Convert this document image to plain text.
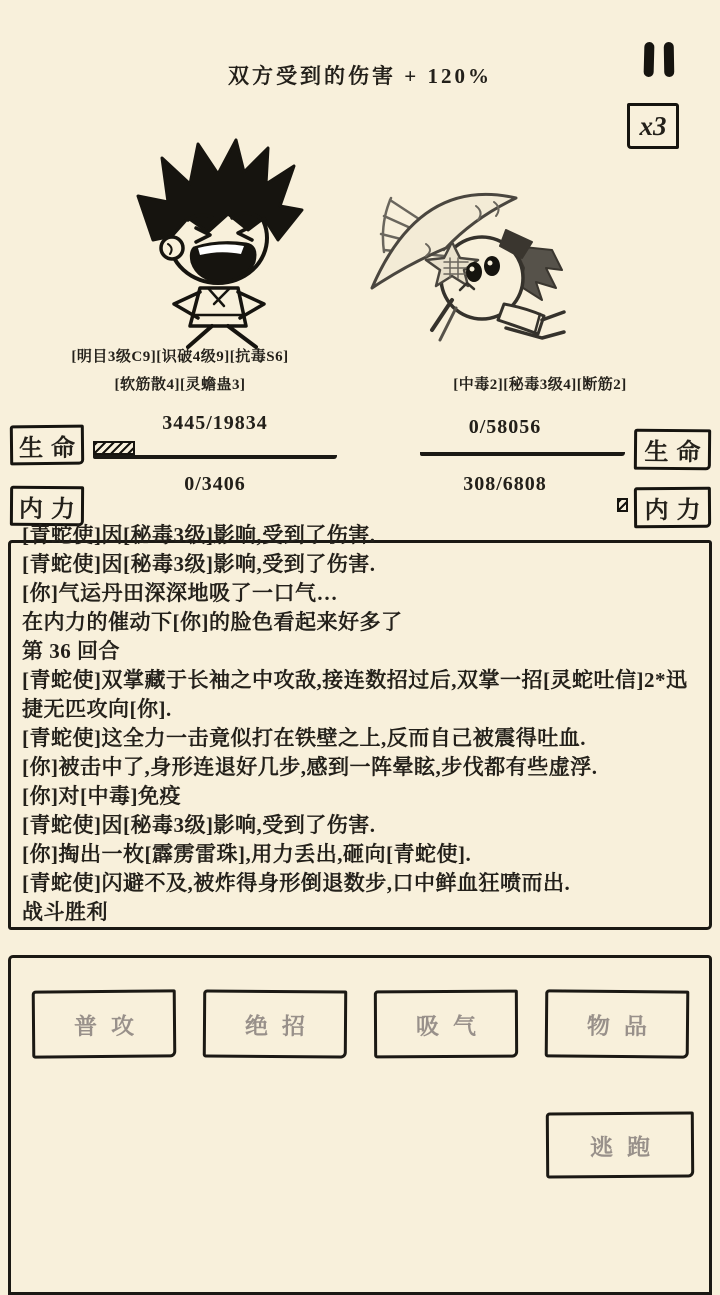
双方受到的伤害 + 120%
x3
[明目3级C9][识破4级9][抗毒S6]
[软筋散4][灵蟾蛊3]	[中毒2][秘毒3级4][断筋2]
生命
3445/19834	0/58056
生命
内力
0/3406	308/6808
内力
[青蛇使]因[秘毒3级]影响,受到了伤害.
[青蛇使]因[秘毒3级]影响,受到了伤害.
[你]气运丹田深深地吸了一口气…
在内力的催动下[你]的脸色看起来好多了
第 36 回合
[青蛇使]双掌藏于长袖之中攻敌,接连数招过后,双掌一招[灵蛇吐信]2*迅捷无匹攻向[你].
[青蛇使]这全力一击竟似打在铁壁之上,反而自己被震得吐血.
[你]被击中了,身形连退好几步,感到一阵晕眩,步伐都有些虚浮.
[你]对[中毒]免疫
[青蛇使]因[秘毒3级]影响,受到了伤害.
[你]掏出一枚[霹雳雷珠],用力丢出,砸向[青蛇使].
[青蛇使]闪避不及,被炸得身形倒退数步,口中鲜血狂喷而出.
战斗胜利
普攻	绝招	吸气	物品
逃跑
